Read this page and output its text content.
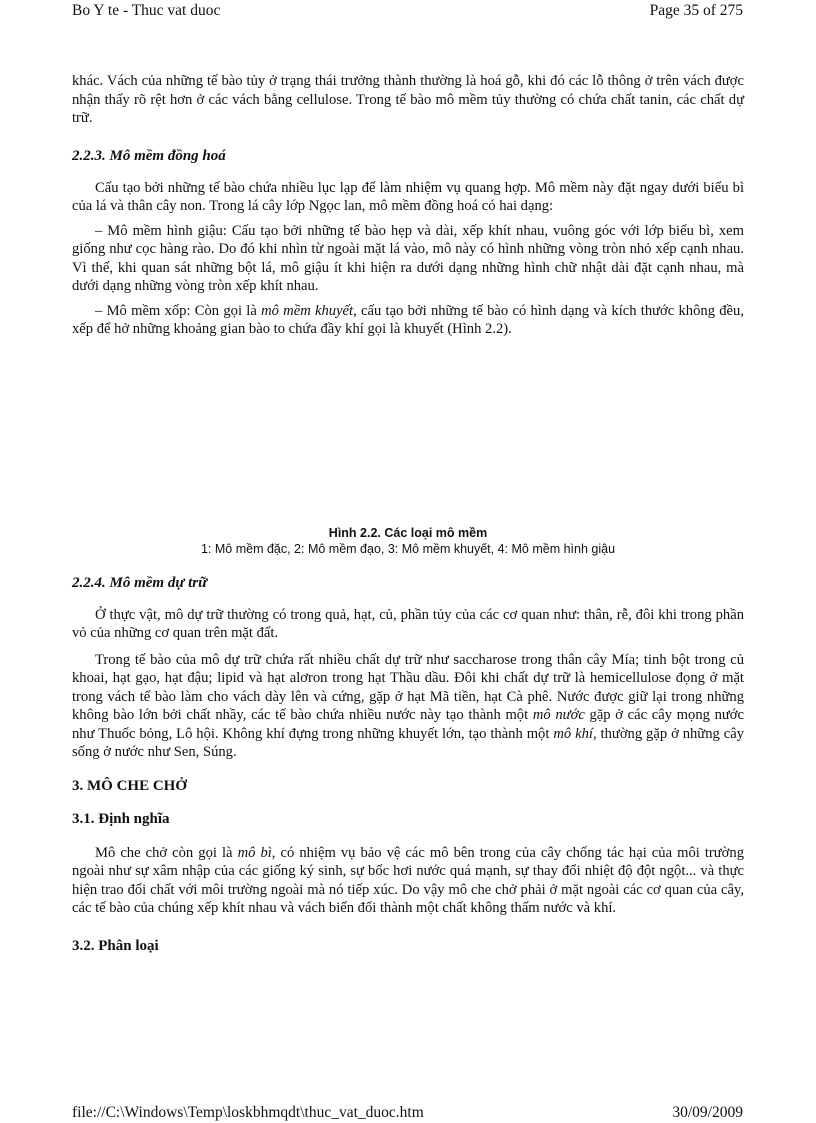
Bo Y te - Thuc vat duoc	Page 35 of 275

khác. Vách của những tế bào tủy ở trạng thái trưởng thành thường là hoá gỗ, khi đó các lỗ thông ở trên vách được nhận thấy rõ rệt hơn ở các vách bằng cellulose. Trong tế bào mô mềm tủy thường có chứa chất tanin, các chất dự trữ.

2.2.3. Mô mềm đồng hoá

Cấu tạo bởi những tế bào chứa nhiều lục lạp để làm nhiệm vụ quang hợp. Mô mềm này đặt ngay dưới biểu bì của lá và thân cây non. Trong lá cây lớp Ngọc lan, mô mềm đồng hoá có hai dạng:

– Mô mềm hình giậu: Cấu tạo bởi những tế bào hẹp và dài, xếp khít nhau, vuông góc với lớp biểu bì, xem giống như cọc hàng rào. Do đó khi nhìn từ ngoài mặt lá vào, mô này có hình những vòng tròn nhỏ xếp cạnh nhau. Vì thế, khi quan sát những bột lá, mô giậu ít khi hiện ra dưới dạng những hình chữ nhật dài đặt cạnh nhau, mà dưới dạng những vòng tròn xếp khít nhau.

– Mô mềm xốp: Còn gọi là mô mềm khuyết, cấu tạo bởi những tế bào có hình dạng và kích thước không đều, xếp để hở những khoảng gian bào to chứa đầy khí gọi là khuyết (Hình 2.2).

Hình 2.2. Các loại mô mềm
1: Mô mềm đặc, 2: Mô mềm đạo, 3: Mô mềm khuyết, 4: Mô mềm hình giậu
2.2.4. Mô mềm dự trữ

Ở thực vật, mô dự trữ thường có trong quả, hạt, củ, phần tủy của các cơ quan như: thân, rễ, đôi khi trong phần vỏ của những cơ quan trên mặt đất.

Trong tế bào của mô dự trữ chứa rất nhiều chất dự trữ như saccharose trong thân cây Mía; tinh bột trong củ khoai, hạt gạo, hạt đậu; lipid và hạt alơron trong hạt Thầu dầu. Đôi khi chất dự trữ là hemicellulose đọng ở mặt trong vách tế bào làm cho vách dày lên và cứng, gặp ở hạt Mã tiền, hạt Cà phê. Nước được giữ lại trong những không bào lớn bởi chất nhầy, các tế bào chứa nhiều nước này tạo thành một mô nước gặp ở các cây mọng nước như Thuốc bỏng, Lô hội. Không khí đựng trong những khuyết lớn, tạo thành một mô khí, thường gặp ở những cây sống ở nước như Sen, Súng.

3. MÔ CHE CHỞ
3.1. Định nghĩa

Mô che chở còn gọi là mô bì, có nhiệm vụ bảo vệ các mô bên trong của cây chống tác hại của môi trường ngoài như sự xâm nhập của các giống ký sinh, sự bốc hơi nước quá mạnh, sự thay đổi nhiệt độ đột ngột... và thực hiện trao đổi chất với môi trường ngoài mà nó tiếp xúc. Do vậy mô che chở phải ở mặt ngoài các cơ quan của cây, các tế bào của chúng xếp khít nhau và vách biến đổi thành một chất không thấm nước và khí.

3.2. Phân loại
file://C:\Windows\Temp\loskbhmqdt\thuc_vat_duoc.htm	30/09/2009
